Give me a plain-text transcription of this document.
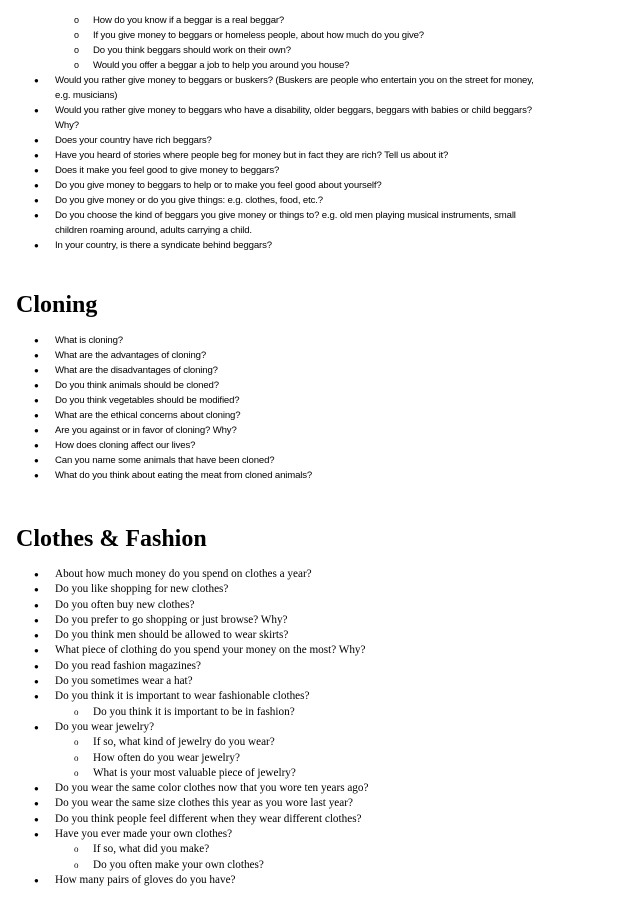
o How do you know if a beggar is a real beggar?
o If you give money to beggars or homeless people, about how much do you give?
o Do you think beggars should work on their own?
o Would you offer a beggar a job to help you around you house?
● Would you rather give money to beggars or buskers? (Buskers are people who entertain you on the street for money,
e.g. musicians)
● Would you rather give money to beggars who have a disability, older beggars, beggars with babies or child beggars?
Why?
● Does your country have rich beggars?
● Have you heard of stories where people beg for money but in fact they are rich? Tell us about it?
● Does it make you feel good to give money to beggars?
● Do you give money to beggars to help or to make you feel good about yourself?
● Do you give money or do you give things: e.g. clothes, food, etc.?
● Do you choose the kind of beggars you give money or things to? e.g. old men playing musical instruments, small
children roaming around, adults carrying a child.
● In your country, is there a syndicate behind beggars?
Cloning
● What is cloning?
● What are the advantages of cloning?
● What are the disadvantages of cloning?
● Do you think animals should be cloned?
● Do you think vegetables should be modified?
● What are the ethical concerns about cloning?
● Are you against or in favor of cloning? Why?
● How does cloning affect our lives?
● Can you name some animals that have been cloned?
● What do you think about eating the meat from cloned animals?
Clothes & Fashion
● About how much money do you spend on clothes a year?
● Do you like shopping for new clothes?
● Do you often buy new clothes?
● Do you prefer to go shopping or just browse? Why?
● Do you think men should be allowed to wear skirts?
● What piece of clothing do you spend your money on the most? Why?
● Do you read fashion magazines?
● Do you sometimes wear a hat?
● Do you think it is important to wear fashionable clothes?
o Do you think it is important to be in fashion?
● Do you wear jewelry?
o If so, what kind of jewelry do you wear?
o How often do you wear jewelry?
o What is your most valuable piece of jewelry?
● Do you wear the same color clothes now that you wore ten years ago?
● Do you wear the same size clothes this year as you wore last year?
● Do you think people feel different when they wear different clothes?
● Have you ever made your own clothes?
o If so, what did you make?
o Do you often make your own clothes?
● How many pairs of gloves do you have?
